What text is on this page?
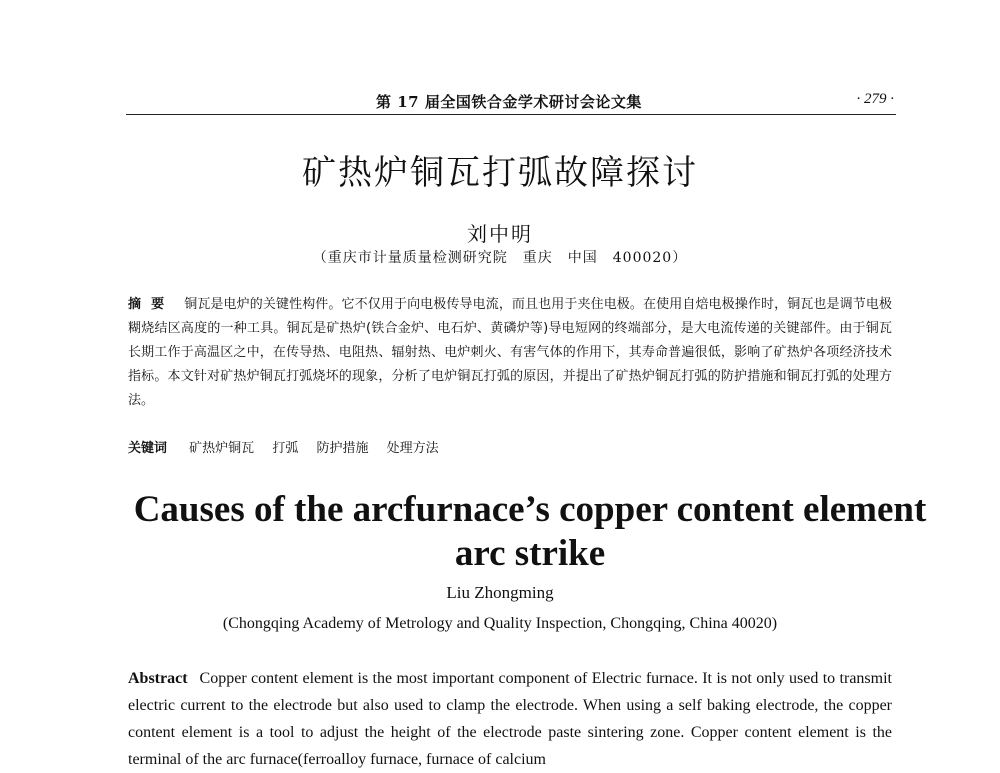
第 17 届全国铁合金学术研讨会论文集	· 279 ·
矿热炉铜瓦打弧故障探讨
刘中明
（重庆市计量质量检测研究院　重庆　中国　400020）
摘要 铜瓦是电炉的关键性构件。它不仅用于向电极传导电流，而且也用于夹住电极。在使用自焙电极操作时，铜瓦也是调节电极糊烧结区高度的一种工具。铜瓦是矿热炉(铁合金炉、电石炉、黄磷炉等)导电短网的终端部分，是大电流传递的关键部件。由于铜瓦长期工作于高温区之中，在传导热、电阻热、辐射热、电炉刺火、有害气体的作用下，其寿命普遍很低，影响了矿热炉各项经济技术指标。本文针对矿热炉铜瓦打弧烧坏的现象，分析了电炉铜瓦打弧的原因，并提出了矿热炉铜瓦打弧的防护措施和铜瓦打弧的处理方法。
关键词 矿热炉铜瓦 打弧 防护措施 处理方法
Causes of the arcfurnace’s copper content element arc strike
Liu Zhongming
(Chongqing Academy of Metrology and Quality Inspection, Chongqing, China 40020)
Abstract Copper content element is the most important component of Electric furnace. It is not only used to transmit electric current to the electrode but also used to clamp the electrode. When using a self baking electrode, the copper content element is a tool to adjust the height of the electrode paste sintering zone. Copper content element is the terminal of the arc furnace(ferroalloy furnace, furnace of calcium
